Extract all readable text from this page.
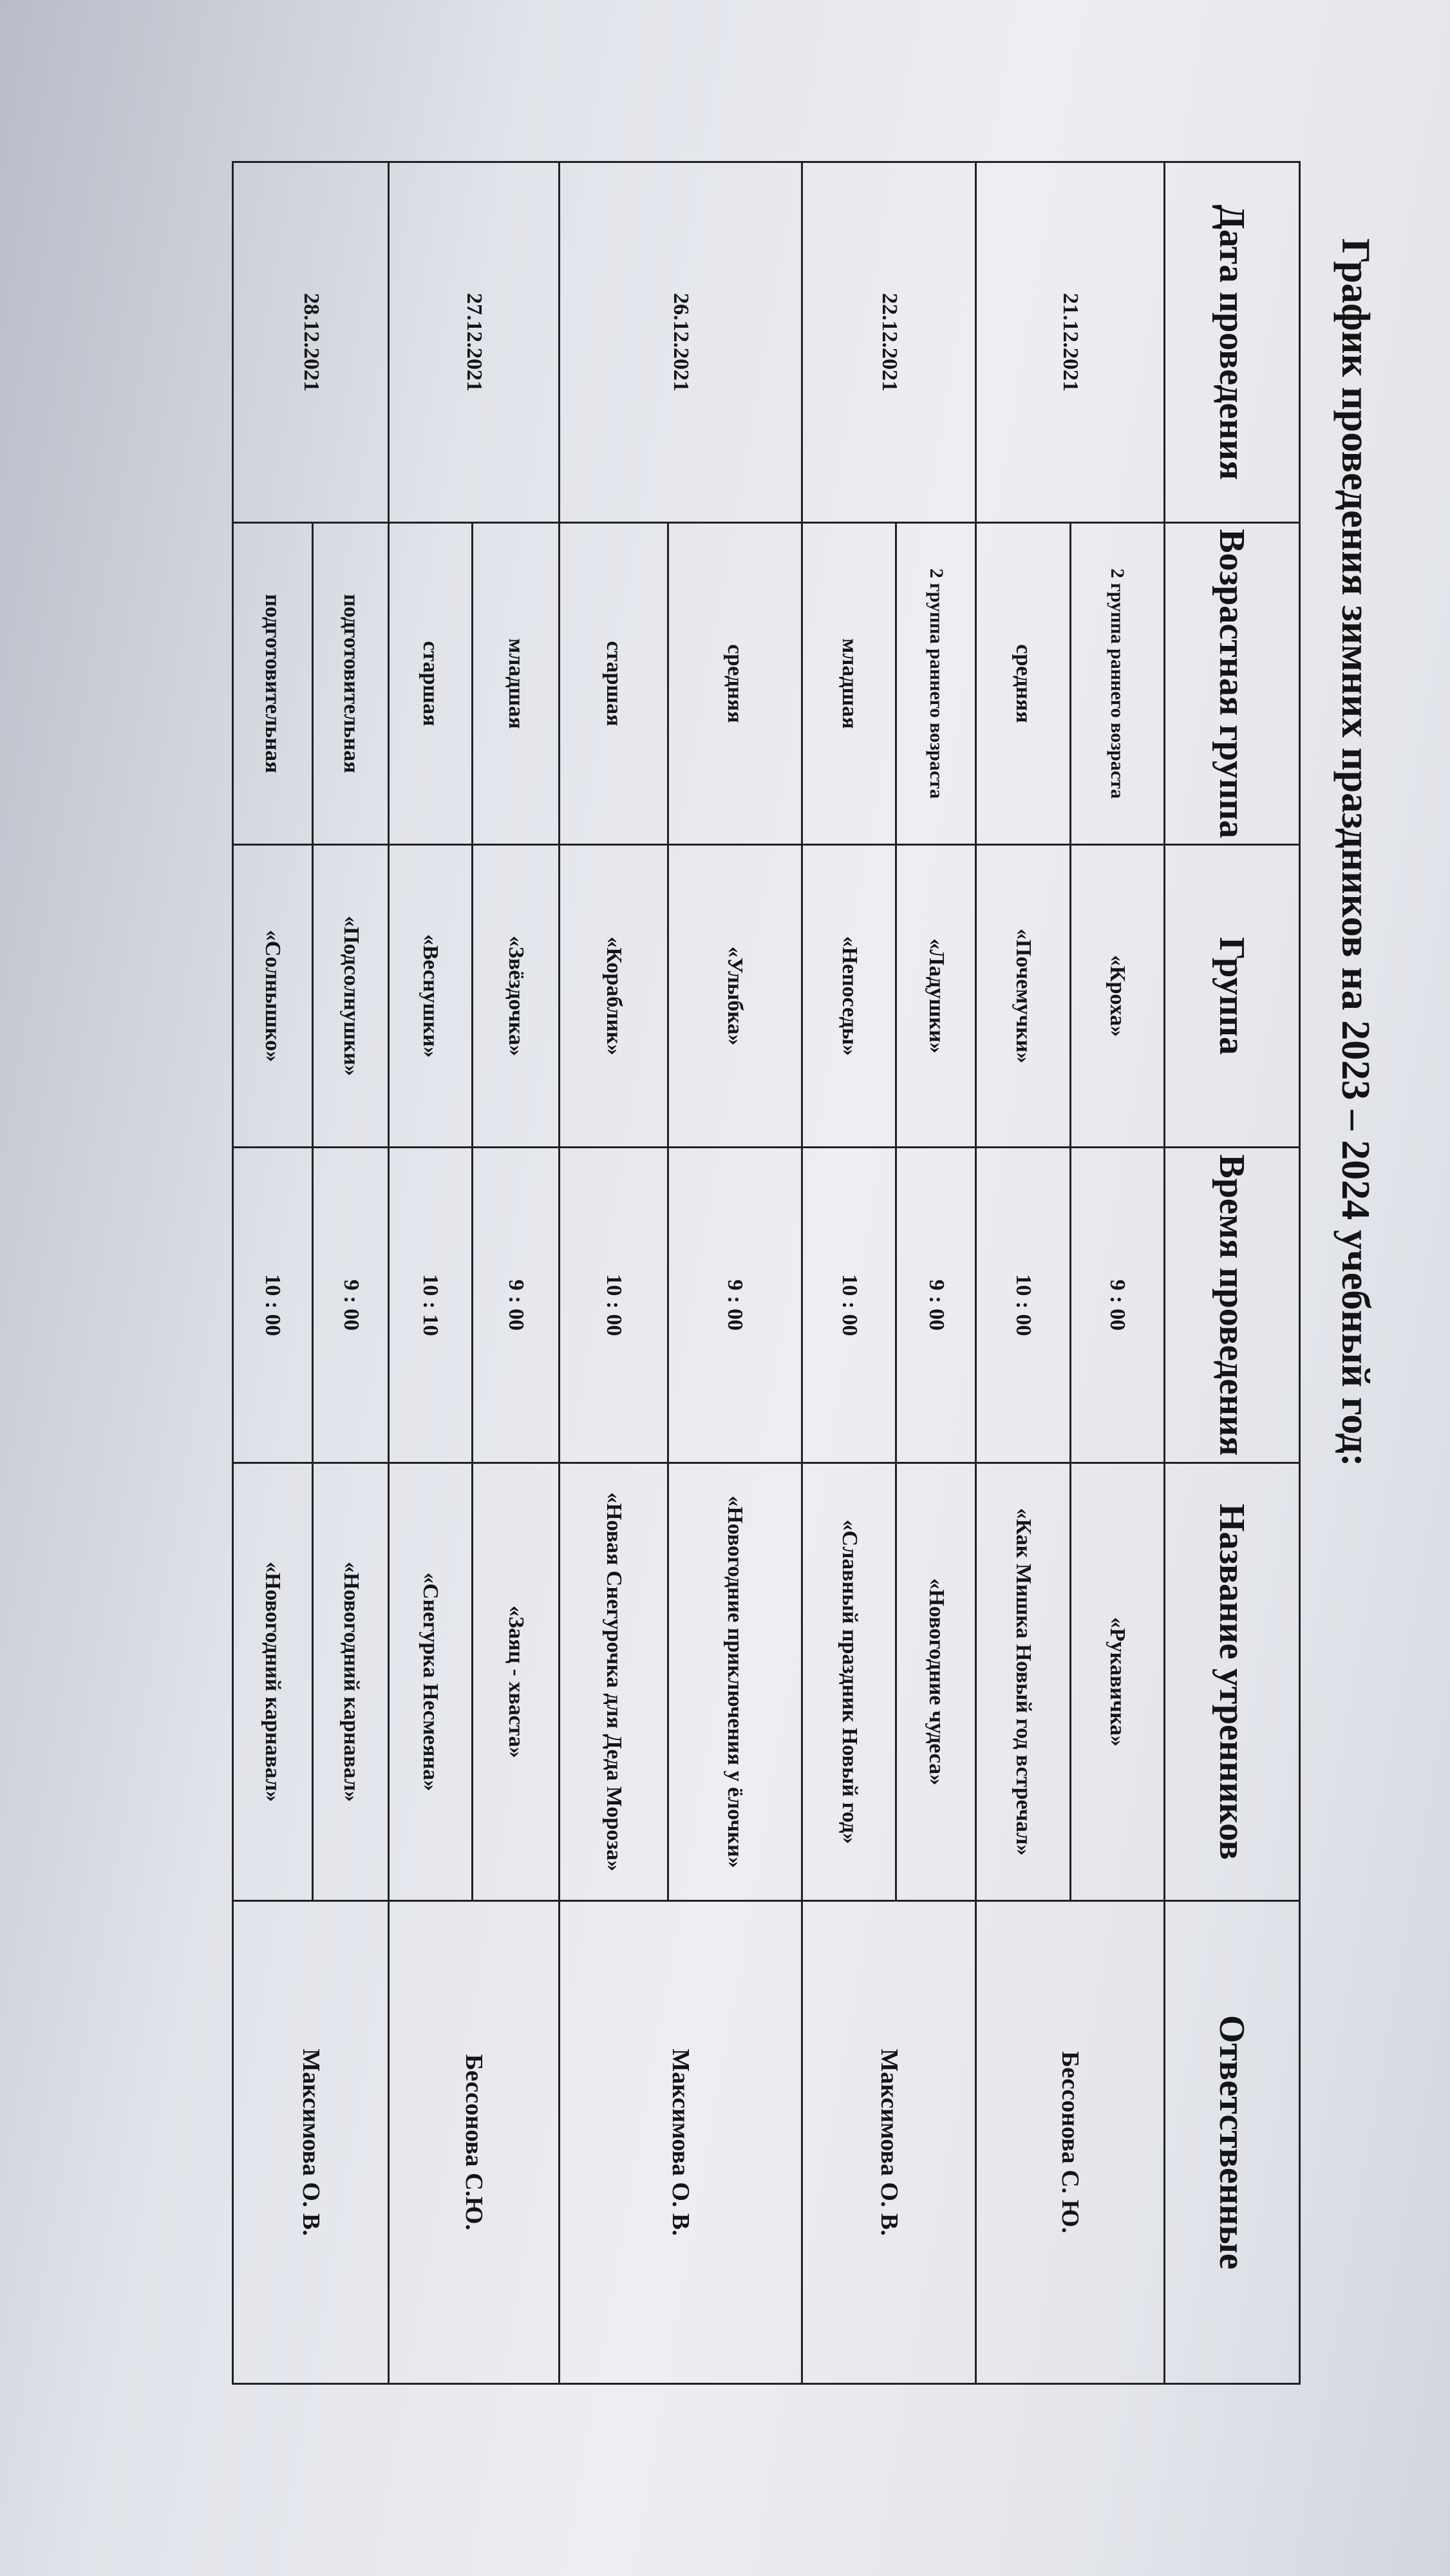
График проведения зимних праздников на 2023 – 2024 учебный год:
Дата проведения	Возрастная группа	Группа	Время проведения	Название утренников	Ответственные
21.12.2021	2 группа раннего возраста	«Кроха»	9 : 00	«Рукавичка»	Бессонова С. Ю.
	средняя	«Почемучки»	10 : 00	«Как Мишка Новый год встречал»	
22.12.2021	2 группа раннего возраста	«Ладушки»	9 : 00	«Новогодние чудеса»	Максимова О. В.
	младшая	«Непоседы»	10 : 00	«Славный праздник Новый год»	
26.12.2021	средняя	«Улыбка»	9 : 00	«Новогодние приключения у ёлочки»	Максимова О. В.
	старшая	«Кораблик»	10 : 00	«Новая Снегурочка для Деда Мороза»	
27.12.2021	младшая	«Звёздочка»	9 : 00	«Заяц - хваста»	Бессонова С.Ю.
	старшая	«Веснушки»	10 : 10	«Снегурка Несмеяна»	
28.12.2021	подготовительная	«Подсолнушки»	9 : 00	«Новогодний карнавал»	Максимова О. В.
	подготовительная	«Солнышко»	10 : 00	«Новогодний карнавал»	
